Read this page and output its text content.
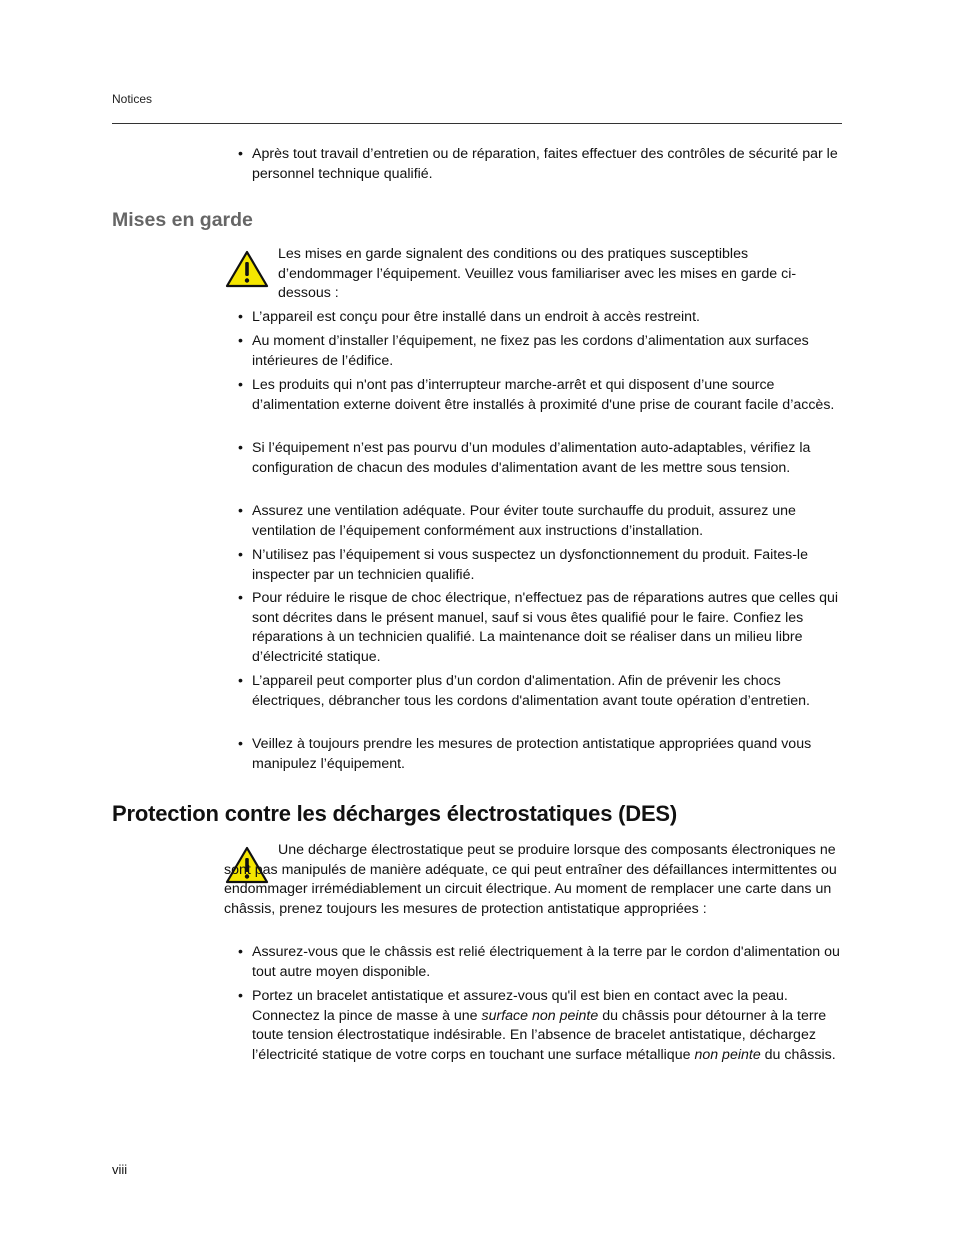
Notices
• Après tout travail d’entretien ou de réparation, faites effectuer des contrôles de sécurité par le personnel technique qualifié.
Mises en garde

Les mises en garde signalent des conditions ou des pratiques susceptibles d’endommager l’équipement. Veuillez vous familiariser avec les mises en garde ci-dessous :

• L’appareil est conçu pour être installé dans un endroit à accès restreint.
• Au moment d’installer l’équipement, ne fixez pas les cordons d’alimentation aux surfaces intérieures de l’édifice.
• Les produits qui n'ont pas d’interrupteur marche-arrêt et qui disposent d’une source d’alimentation externe doivent être installés à proximité d'une prise de courant facile d’accès.
• Si l’équipement n’est pas pourvu d’un modules d’alimentation auto-adaptables, vérifiez la configuration de chacun des modules d'alimentation avant de les mettre sous tension.
• Assurez une ventilation adéquate. Pour éviter toute surchauffe du produit, assurez une ventilation de l’équipement conformément aux instructions d’installation.
• N’utilisez pas l’équipement si vous suspectez un dysfonctionnement du produit. Faites-le inspecter par un technicien qualifié.
• Pour réduire le risque de choc électrique, n'effectuez pas de réparations autres que celles qui sont décrites dans le présent manuel, sauf si vous êtes qualifié pour le faire. Confiez les réparations à un technicien qualifié. La maintenance doit se réaliser dans un milieu libre d’électricité statique.
• L’appareil peut comporter plus d’un cordon d'alimentation. Afin de prévenir les chocs électriques, débrancher tous les cordons d'alimentation avant toute opération d’entretien.
• Veillez à toujours prendre les mesures de protection antistatique appropriées quand vous manipulez l’équipement.
Protection contre les décharges électrostatiques (DES)

Une décharge électrostatique peut se produire lorsque des composants électroniques ne sont pas manipulés de manière adéquate, ce qui peut entraîner des défaillances intermittentes ou endommager irrémédiablement un circuit électrique. Au moment de remplacer une carte dans un châssis, prenez toujours les mesures de protection antistatique appropriées :

• Assurez-vous que le châssis est relié électriquement à la terre par le cordon d'alimentation ou tout autre moyen disponible.
• Portez un bracelet antistatique et assurez-vous qu'il est bien en contact avec la peau. Connectez la pince de masse à une surface non peinte du châssis pour détourner à la terre toute tension électrostatique indésirable. En l’absence de bracelet antistatique, déchargez l’électricité statique de votre corps en touchant une surface métallique non peinte du châssis.
viii
